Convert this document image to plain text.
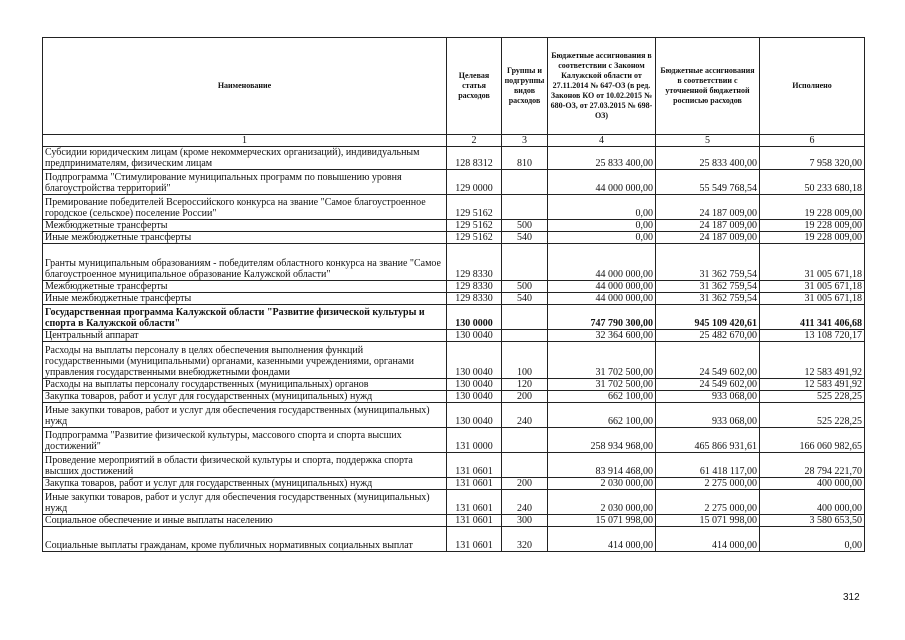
Наименование	Целевая статья расходов	Группы и подгруппы видов расходов	Бюджетные ассигнования в соответствии с Законом Калужской области от 27.11.2014 № 647-ОЗ (в ред. Законов КО от 10.02.2015 № 680-ОЗ, от 27.03.2015 № 698-ОЗ)	Бюджетные ассигнования в соответствии с уточненной бюджетной росписью расходов	Исполнено
1	2	3	4	5	6
Субсидии юридическим лицам (кроме некоммерческих организаций), индивидуальным предпринимателям, физическим лицам	128 8312	810	25 833 400,00	25 833 400,00	7 958 320,00
Подпрограмма "Стимулирование муниципальных программ по повышению уровня благоустройства территорий"	129 0000		44 000 000,00	55 549 768,54	50 233 680,18
Премирование победителей Всероссийского конкурса на звание "Самое благоустроенное городское (сельское) поселение России"	129 5162		0,00	24 187 009,00	19 228 009,00
Межбюджетные трансферты	129 5162	500	0,00	24 187 009,00	19 228 009,00
Иные межбюджетные трансферты	129 5162	540	0,00	24 187 009,00	19 228 009,00
Гранты муниципальным образованиям - победителям областного конкурса на звание "Самое благоустроенное муниципальное образование Калужской области"	129 8330		44 000 000,00	31 362 759,54	31 005 671,18
Межбюджетные трансферты	129 8330	500	44 000 000,00	31 362 759,54	31 005 671,18
Иные межбюджетные трансферты	129 8330	540	44 000 000,00	31 362 759,54	31 005 671,18
Государственная программа Калужской области "Развитие физической культуры и спорта в Калужской области"	130 0000		747 790 300,00	945 109 420,61	411 341 406,68
Центральный аппарат	130 0040		32 364 600,00	25 482 670,00	13 108 720,17
Расходы на выплаты персоналу в целях обеспечения выполнения функций государственными (муниципальными) органами, казенными учреждениями, органами управления государственными внебюджетными фондами	130 0040	100	31 702 500,00	24 549 602,00	12 583 491,92
Расходы на выплаты персоналу государственных (муниципальных) органов	130 0040	120	31 702 500,00	24 549 602,00	12 583 491,92
Закупка товаров, работ и услуг для государственных (муниципальных) нужд	130 0040	200	662 100,00	933 068,00	525 228,25
Иные закупки товаров, работ и услуг для обеспечения государственных (муниципальных) нужд	130 0040	240	662 100,00	933 068,00	525 228,25
Подпрограмма "Развитие физической культуры, массового спорта и спорта высших достижений"	131 0000		258 934 968,00	465 866 931,61	166 060 982,65
Проведение мероприятий в области физической культуры и спорта, поддержка спорта высших достижений	131 0601		83 914 468,00	61 418 117,00	28 794 221,70
Закупка товаров, работ и услуг для государственных (муниципальных) нужд	131 0601	200	2 030 000,00	2 275 000,00	400 000,00
Иные закупки товаров, работ и услуг для обеспечения государственных (муниципальных) нужд	131 0601	240	2 030 000,00	2 275 000,00	400 000,00
Социальное обеспечение и иные выплаты населению	131 0601	300	15 071 998,00	15 071 998,00	3 580 653,50
Социальные выплаты гражданам, кроме публичных нормативных социальных выплат	131 0601	320	414 000,00	414 000,00	0,00
312
